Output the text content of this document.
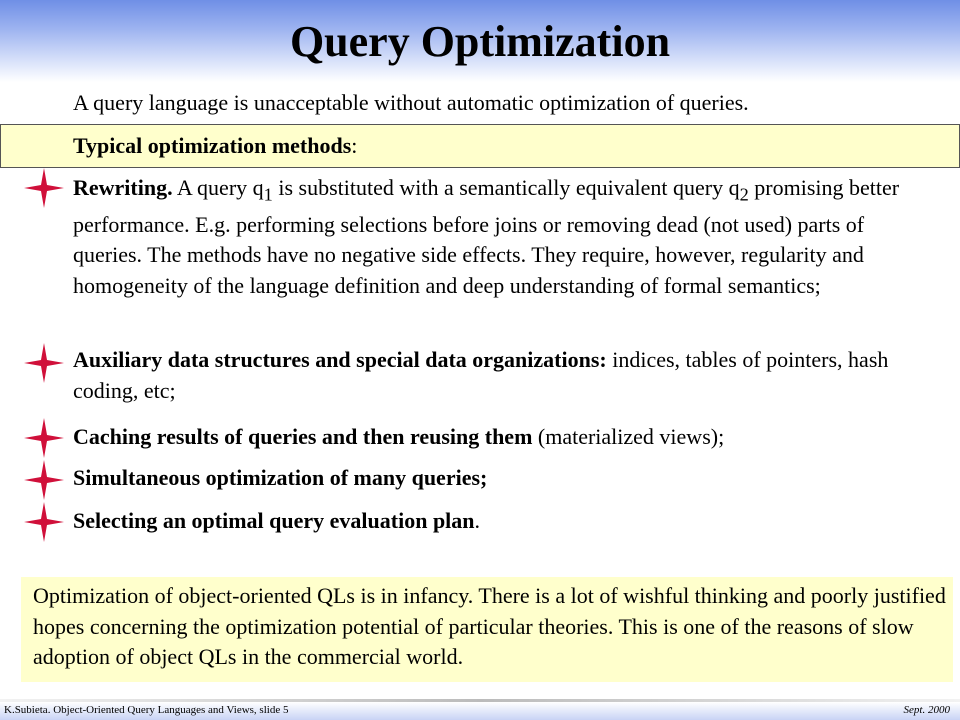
Query Optimization
A query language is unacceptable without automatic optimization of queries.
Typical optimization methods:
Rewriting. A query $q_1$ is substituted with a semantically equivalent query $q_2$ promising better performance. E.g. performing selections before joins or removing dead (not used) parts of queries. The methods have no negative side effects. They require, however, regularity and homogeneity of the language definition and deep understanding of formal semantics;
Auxiliary data structures and special data organizations: indices, tables of pointers, hash coding, etc;
Caching results of queries and then reusing them (materialized views);
Simultaneous optimization of many queries;
Selecting an optimal query evaluation plan.
Optimization of object-oriented QLs is in infancy. There is a lot of wishful thinking and poorly justified hopes concerning the optimization potential of particular theories. This is one of the reasons of slow adoption of object QLs in the commercial world.
K.Subieta. Object-Oriented Query Languages and Views, slide 5	Sept. 2000
